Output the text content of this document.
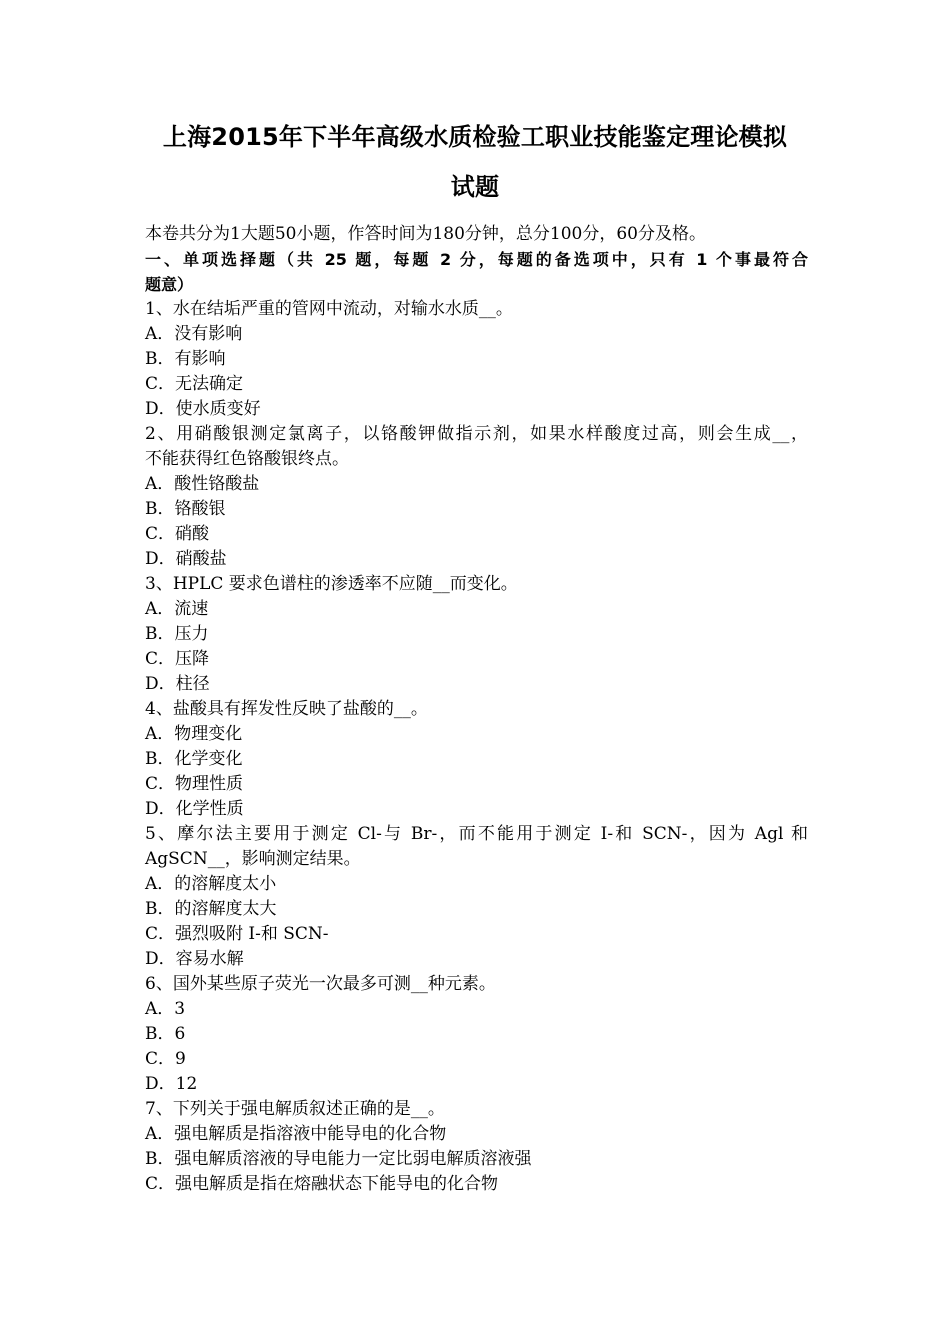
上海2015年下半年高级水质检验工职业技能鉴定理论模拟
试题
本卷共分为1大题50小题，作答时间为180分钟，总分100分，60分及格。
一、单项选择题（共 25 题，每题 2 分，每题的备选项中，只有 1 个事最符合
题意）
1、水在结垢严重的管网中流动，对输水水质__。
A．没有影响
B．有影响
C．无法确定
D．使水质变好
2、用硝酸银测定氯离子，以铬酸钾做指示剂，如果水样酸度过高，则会生成__，
不能获得红色铬酸银终点。
A．酸性铬酸盐
B．铬酸银
C．硝酸
D．硝酸盐
3、HPLC 要求色谱柱的渗透率不应随__而变化。
A．流速
B．压力
C．压降
D．柱径
4、盐酸具有挥发性反映了盐酸的__。
A．物理变化
B．化学变化
C．物理性质
D．化学性质
5、摩尔法主要用于测定 Cl-与 Br-，而不能用于测定 I-和 SCN-，因为 Agl 和
AgSCN__，影响测定结果。
A．的溶解度太小
B．的溶解度太大
C．强烈吸附 I-和 SCN-
D．容易水解
6、国外某些原子荧光一次最多可测__种元素。
A．3
B．6
C．9
D．12
7、下列关于强电解质叙述正确的是__。
A．强电解质是指溶液中能导电的化合物
B．强电解质溶液的导电能力一定比弱电解质溶液强
C．强电解质是指在熔融状态下能导电的化合物
